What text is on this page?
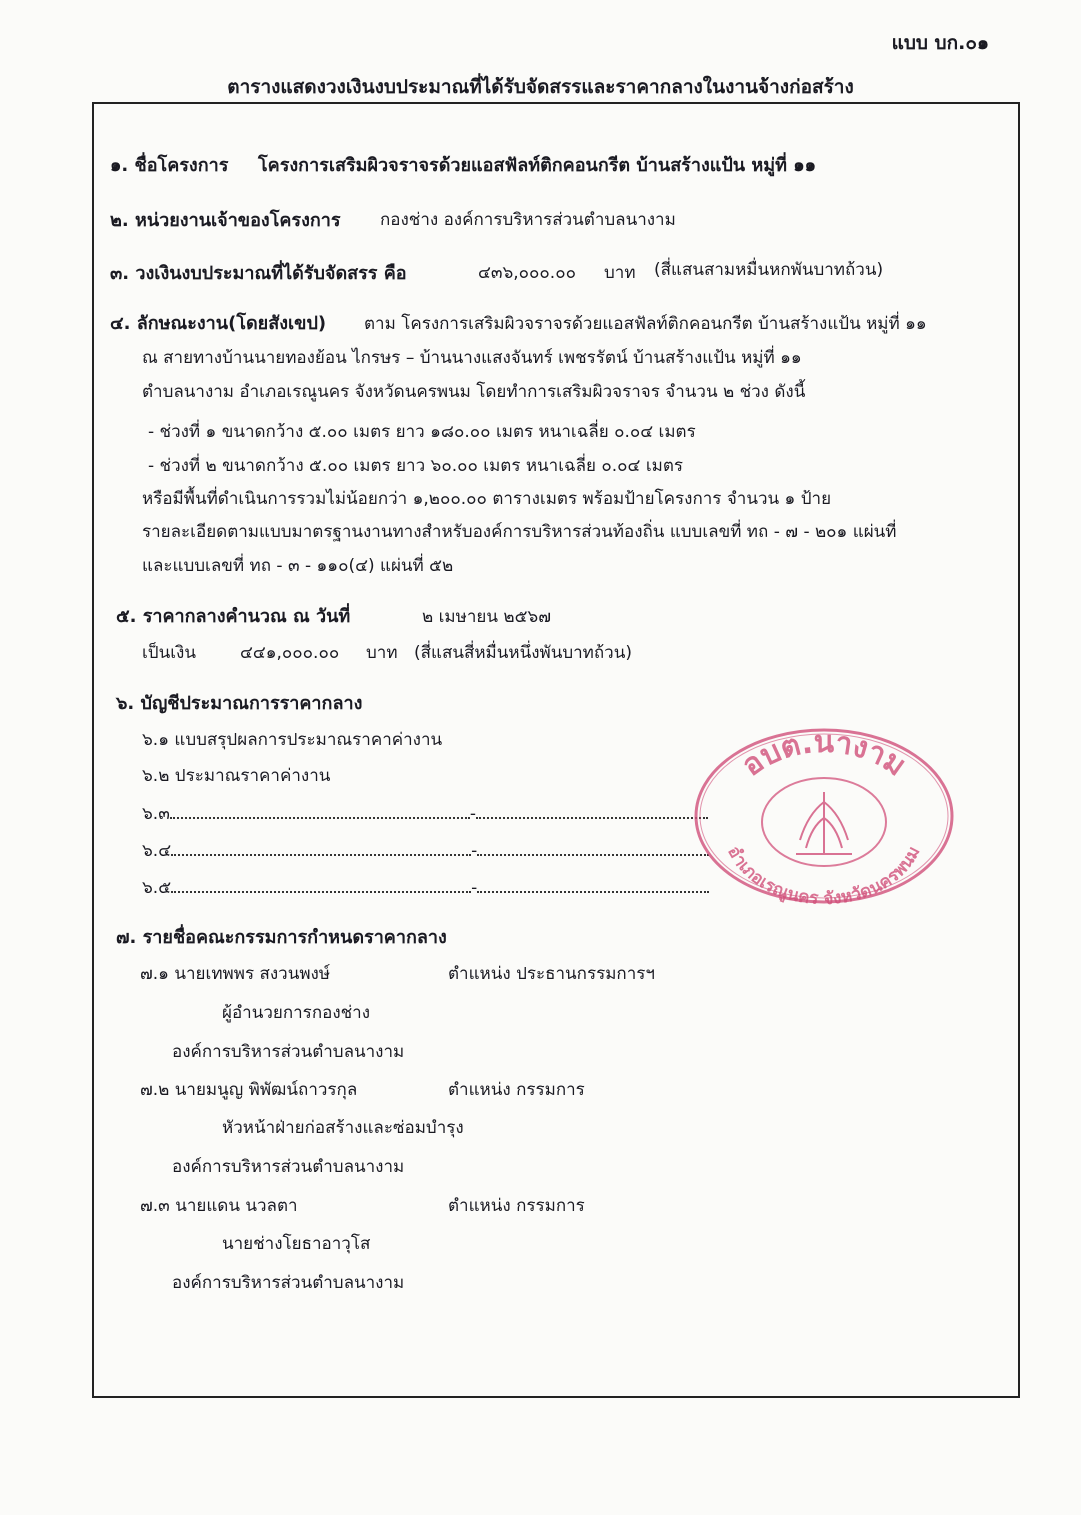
แบบ บก.๐๑
ตารางแสดงวงเงินงบประมาณที่ได้รับจัดสรรและราคากลางในงานจ้างก่อสร้าง
๑. ชื่อโครงการ โครงการเสริมผิวจราจรด้วยแอสฟัลท์ติกคอนกรีต บ้านสร้างแป้น หมู่ที่ ๑๑
๒. หน่วยงานเจ้าของโครงการ กองช่าง องค์การบริหารส่วนตำบลนางาม
๓. วงเงินงบประมาณที่ได้รับจัดสรร คือ	๔๓๖,๐๐๐.๐๐ บาท (สี่แสนสามหมื่นหกพันบาทถ้วน)
๔. ลักษณะงาน(โดยสังเขป) ตาม โครงการเสริมผิวจราจรด้วยแอสฟัลท์ติกคอนกรีต บ้านสร้างแป้น หมู่ที่ ๑๑
ณ สายทางบ้านนายทองย้อน ไกรษร – บ้านนางแสงจันทร์ เพชรรัตน์ บ้านสร้างแป้น หมู่ที่ ๑๑
ตำบลนางาม อำเภอเรณูนคร จังหวัดนครพนม โดยทำการเสริมผิวจราจร จำนวน ๒ ช่วง ดังนี้
- ช่วงที่ ๑ ขนาดกว้าง ๕.๐๐ เมตร ยาว ๑๘๐.๐๐ เมตร หนาเฉลี่ย ๐.๐๔ เมตร
- ช่วงที่ ๒ ขนาดกว้าง ๕.๐๐ เมตร ยาว ๖๐.๐๐ เมตร หนาเฉลี่ย ๐.๐๔ เมตร
หรือมีพื้นที่ดำเนินการรวมไม่น้อยกว่า ๑,๒๐๐.๐๐ ตารางเมตร พร้อมป้ายโครงการ จำนวน ๑ ป้าย
รายละเอียดตามแบบมาตรฐานงานทางสำหรับองค์การบริหารส่วนท้องถิ่น แบบเลขที่ ทถ - ๗ - ๒๐๑ แผ่นที่
และแบบเลขที่ ทถ - ๓ - ๑๑๐(๔) แผ่นที่ ๕๒
๕. ราคากลางคำนวณ ณ วันที่	๒ เมษายน ๒๕๖๗
เป็นเงิน	๔๔๑,๐๐๐.๐๐ บาท (สี่แสนสี่หมื่นหนึ่งพันบาทถ้วน)
๖. บัญชีประมาณการราคากลาง
๖.๑ แบบสรุปผลการประมาณราคาค่างาน
๖.๒ ประมาณราคาค่างาน
๖.๓	-
๖.๔	-
๖.๕	-
อบต.นางาม
อำเภอเรณูนคร จังหวัดนครพนม
๗. รายชื่อคณะกรรมการกำหนดราคากลาง
๗.๑ นายเทพพร สงวนพงษ์	ตำแหน่ง ประธานกรรมการฯ
ผู้อำนวยการกองช่าง
องค์การบริหารส่วนตำบลนางาม
๗.๒ นายมนูญ พิพัฒน์ถาวรกุล	ตำแหน่ง กรรมการ
หัวหน้าฝ่ายก่อสร้างและซ่อมบำรุง
องค์การบริหารส่วนตำบลนางาม
๗.๓ นายแดน นวลตา	ตำแหน่ง กรรมการ
นายช่างโยธาอาวุโส
องค์การบริหารส่วนตำบลนางาม
